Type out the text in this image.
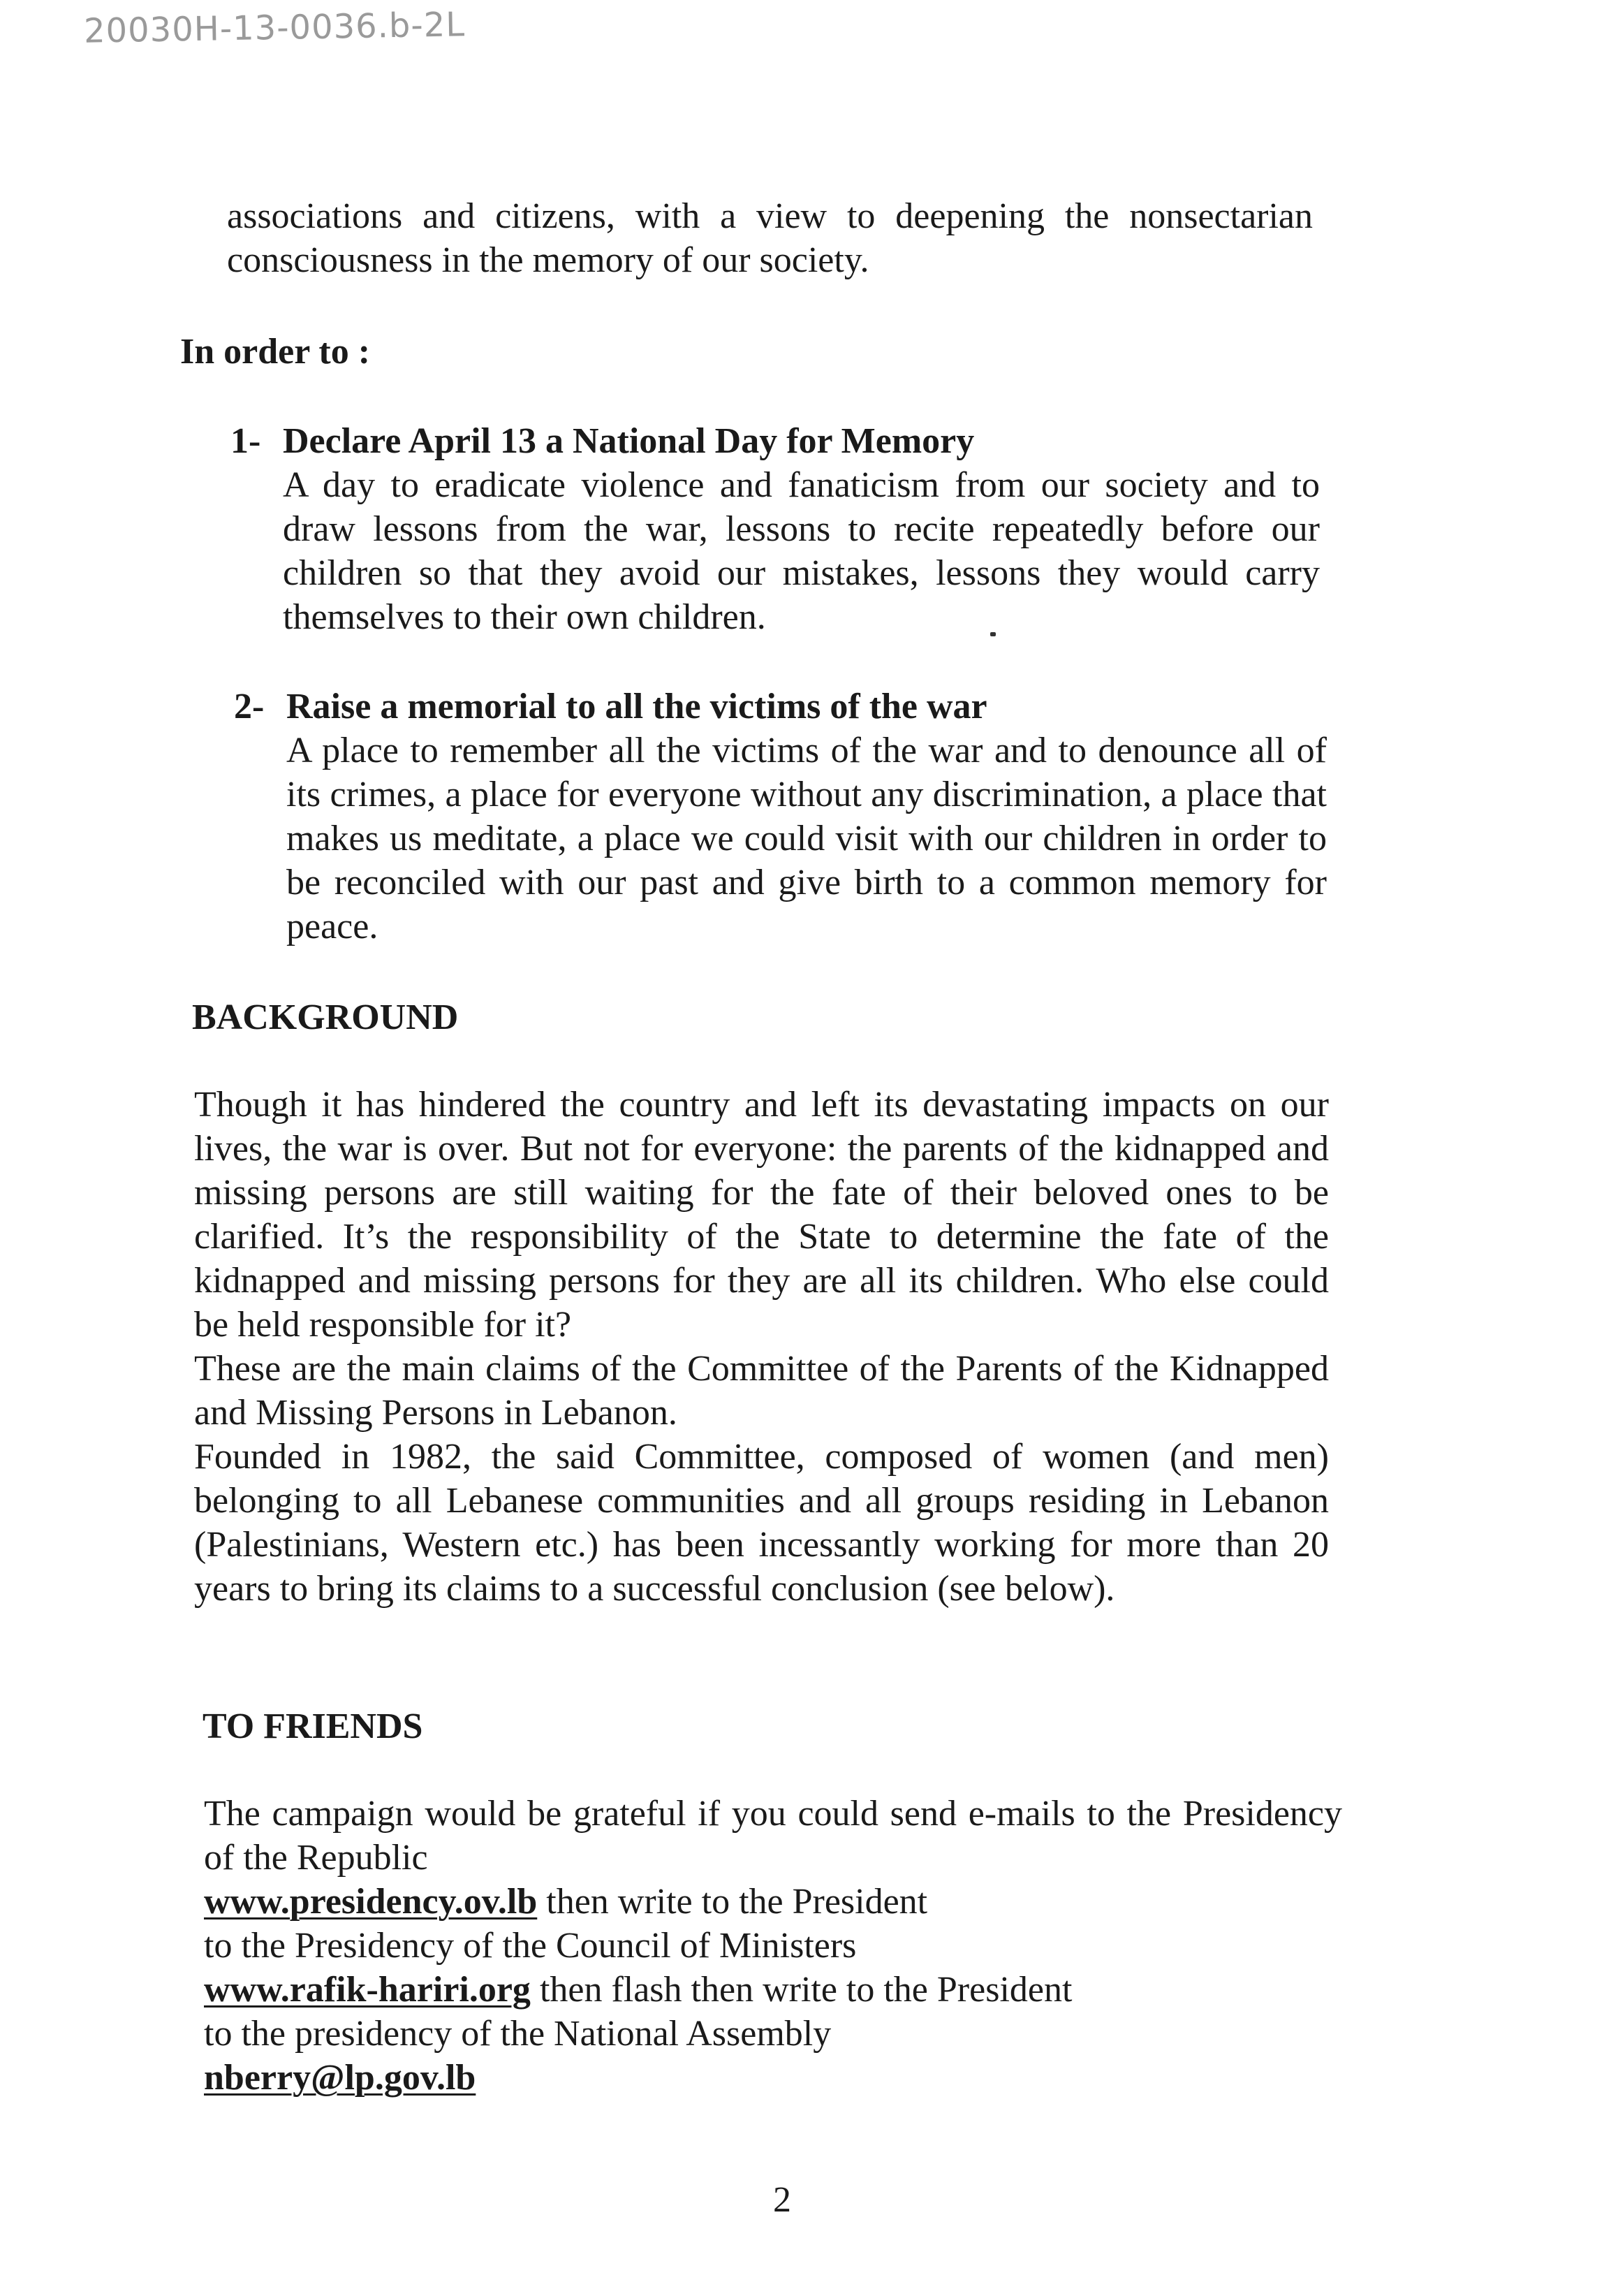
20030H-13-0036.b-2L

associations and citizens, with a view to deepening the nonsectarian consciousness in the memory of our society.

In order to :
1- Declare April 13 a National Day for Memory
A day to eradicate violence and fanaticism from our society and to draw lessons from the war, lessons to recite repeatedly before our children so that they avoid our mistakes, lessons they would carry themselves to their own children.
2- Raise a memorial to all the victims of the war
A place to remember all the victims of the war and to denounce all of its crimes, a place for everyone without any discrimination, a place that makes us meditate, a place we could visit with our children in order to be reconciled with our past and give birth to a common memory for peace.
BACKGROUND

Though it has hindered the country and left its devastating impacts on our lives, the war is over. But not for everyone: the parents of the kidnapped and missing persons are still waiting for the fate of their beloved ones to be clarified. It’s the responsibility of the State to determine the fate of the kidnapped and missing persons for they are all its children. Who else could be held responsible for it?

These are the main claims of the Committee of the Parents of the Kidnapped and Missing Persons in Lebanon.

Founded in 1982, the said Committee, composed of women (and men) belonging to all Lebanese communities and all groups residing in Lebanon (Palestinians, Western etc.) has been incessantly working for more than 20 years to bring its claims to a successful conclusion (see below).

TO FRIENDS

The campaign would be grateful if you could send e-mails to the Presidency of the Republic

www.presidency.ov.lb then write to the President

to the Presidency of the Council of Ministers

www.rafik-hariri.org then flash then write to the President

to the presidency of the National Assembly

nberry@lp.gov.lb

2
